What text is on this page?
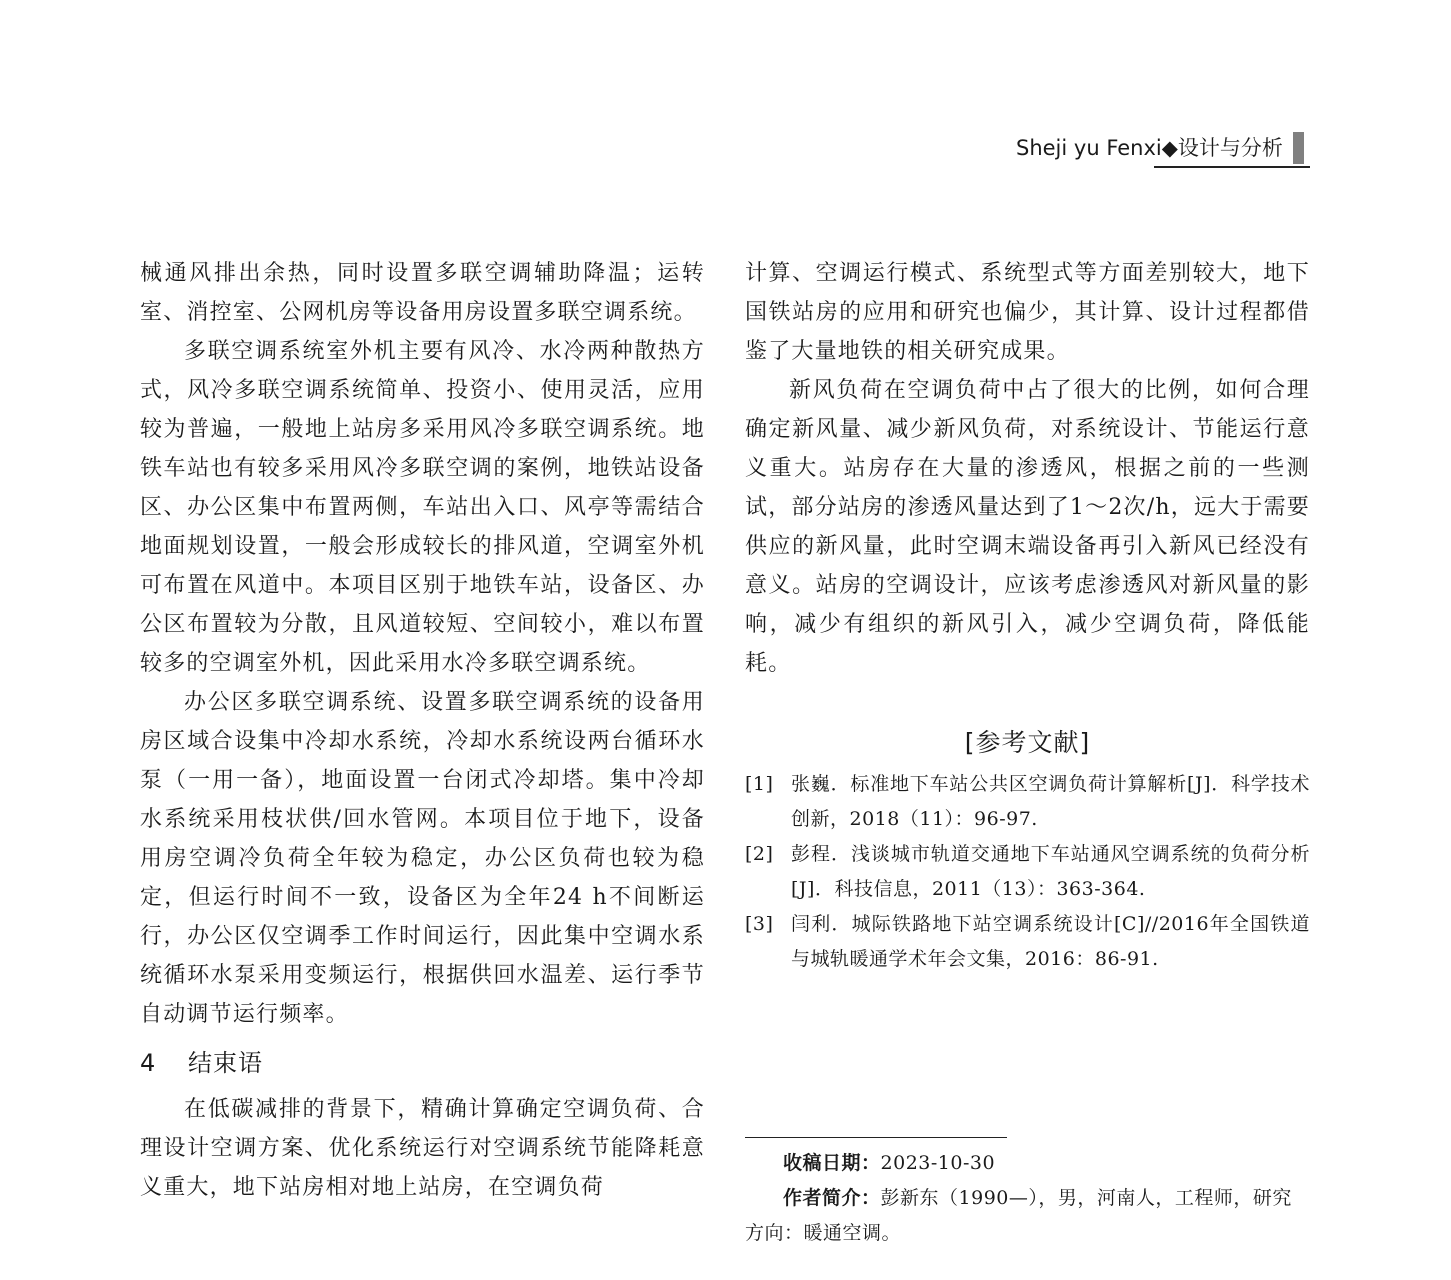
Sheji yu Fenxi◆设计与分析

械通风排出余热，同时设置多联空调辅助降温；运转室、消控室、公网机房等设备用房设置多联空调系统。

多联空调系统室外机主要有风冷、水冷两种散热方式，风冷多联空调系统简单、投资小、使用灵活，应用较为普遍，一般地上站房多采用风冷多联空调系统。地铁车站也有较多采用风冷多联空调的案例，地铁站设备区、办公区集中布置两侧，车站出入口、风亭等需结合地面规划设置，一般会形成较长的排风道，空调室外机可布置在风道中。本项目区别于地铁车站，设备区、办公区布置较为分散，且风道较短、空间较小，难以布置较多的空调室外机，因此采用水冷多联空调系统。

办公区多联空调系统、设置多联空调系统的设备用房区域合设集中冷却水系统，冷却水系统设两台循环水泵（一用一备），地面设置一台闭式冷却塔。集中冷却水系统采用枝状供/回水管网。本项目位于地下，设备用房空调冷负荷全年较为稳定，办公区负荷也较为稳定，但运行时间不一致，设备区为全年24 h不间断运行，办公区仅空调季工作时间运行，因此集中空调水系统循环水泵采用变频运行，根据供回水温差、运行季节自动调节运行频率。

4 结束语

在低碳减排的背景下，精确计算确定空调负荷、合理设计空调方案、优化系统运行对空调系统节能降耗意义重大，地下站房相对地上站房，在空调负荷

计算、空调运行模式、系统型式等方面差别较大，地下国铁站房的应用和研究也偏少，其计算、设计过程都借鉴了大量地铁的相关研究成果。

新风负荷在空调负荷中占了很大的比例，如何合理确定新风量、减少新风负荷，对系统设计、节能运行意义重大。站房存在大量的渗透风，根据之前的一些测试，部分站房的渗透风量达到了1～2次/h，远大于需要供应的新风量，此时空调末端设备再引入新风已经没有意义。站房的空调设计，应该考虑渗透风对新风量的影响，减少有组织的新风引入，减少空调负荷，降低能耗。

[参考文献]
[1] 张巍．标准地下车站公共区空调负荷计算解析[J]．科学技术创新，2018（11）：96-97.
[2] 彭程．浅谈城市轨道交通地下车站通风空调系统的负荷分析[J]．科技信息，2011（13）：363-364.
[3] 闫利．城际铁路地下站空调系统设计[C]//2016年全国铁道与城轨暖通学术年会文集，2016：86-91.

收稿日期：2023-10-30

作者简介：彭新东（1990—），男，河南人，工程师，研究方向：暖通空调。
